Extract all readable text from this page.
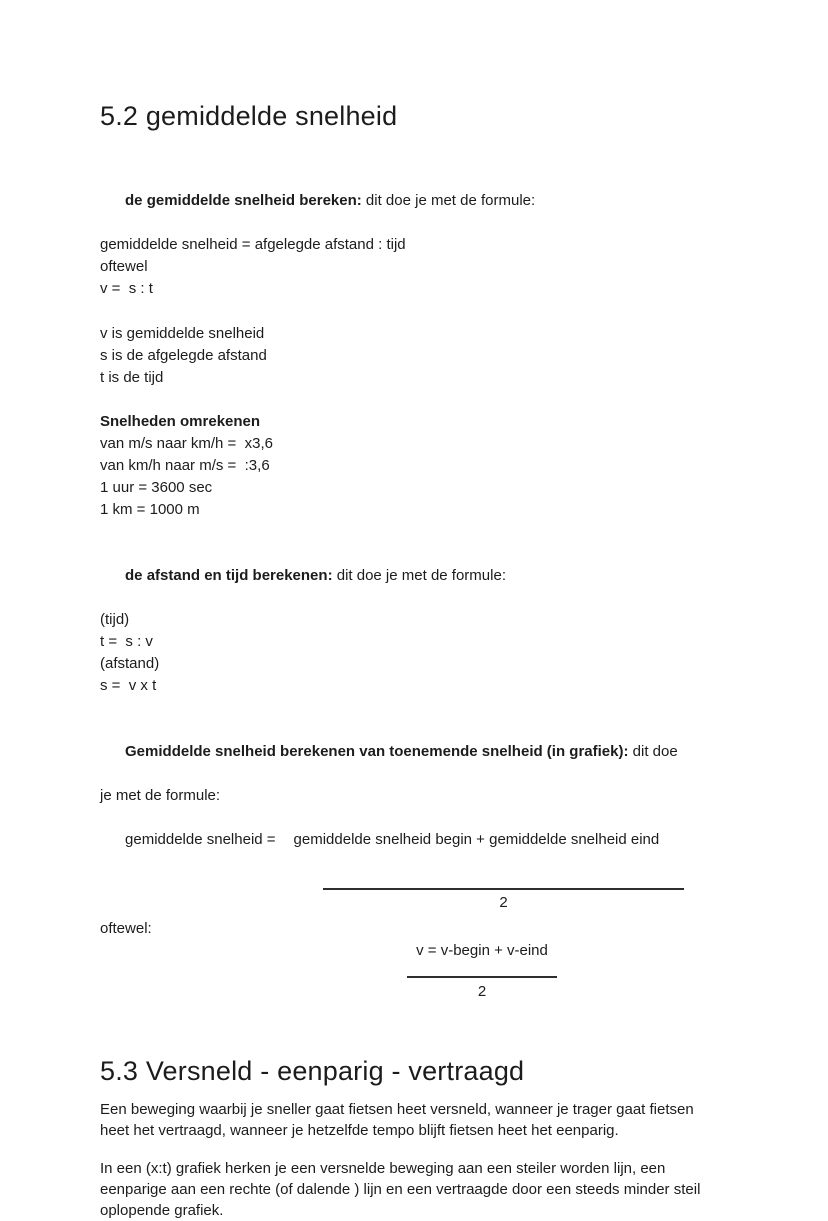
5.2 gemiddelde snelheid

de gemiddelde snelheid bereken: dit doe je met de formule:

gemiddelde snelheid = afgelegde afstand : tijd
oftewel
v =  s : t
v is gemiddelde snelheid
s is de afgelegde afstand
t is de tijd
Snelheden omrekenen
van m/s naar km/h =  x3,6
van km/h naar m/s =  :3,6
1 uur = 3600 sec
1 km = 1000 m

de afstand en tijd berekenen: dit doe je met de formule:

(tijd)
t =  s : v
(afstand)
s =  v x t

Gemiddelde snelheid berekenen van toenemende snelheid (in grafiek): dit doe

je met de formule:

gemiddelde snelheid = gemiddelde snelheid begin + gemiddelde snelheid eind

2
oftewel:
v = v-begin + v-eind
2
5.3 Versneld - eenparig - vertraagd
Een beweging waarbij je sneller gaat fietsen heet versneld, wanneer je trager gaat fietsen
heet het vertraagd, wanneer je hetzelfde tempo blijft fietsen heet het eenparig.
In een (x:t) grafiek herken je een versnelde beweging aan een steiler worden lijn, een
eenparige aan een rechte (of dalende ) lijn en een vertraagde door een steeds minder steil
oplopende grafiek.
